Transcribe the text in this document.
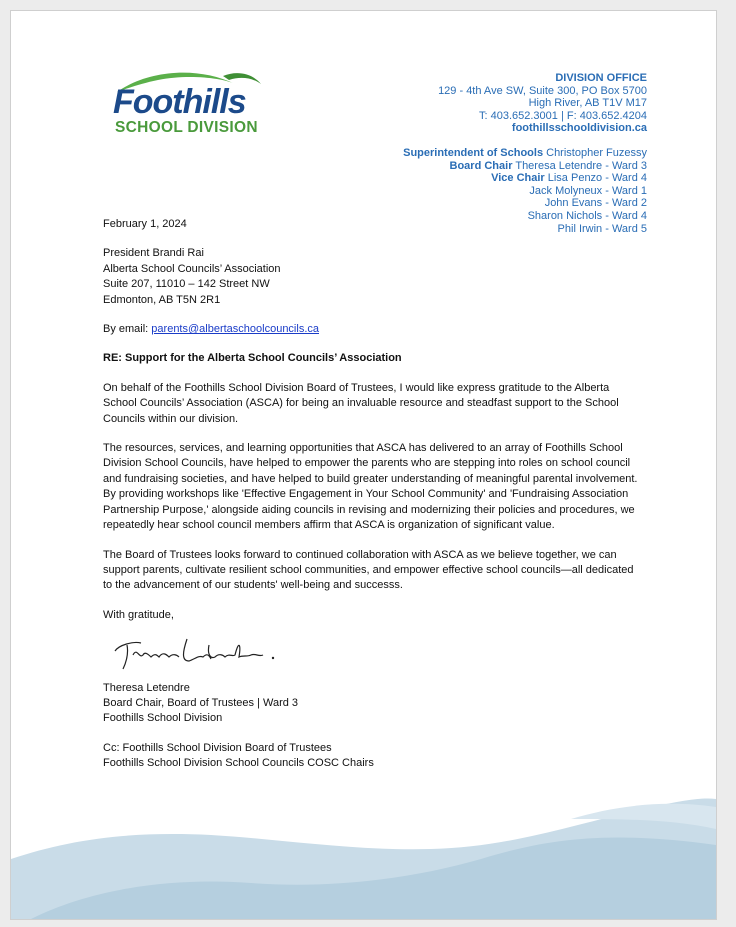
Foothills
SCHOOL DIVISION
DIVISION OFFICE
129 - 4th Ave SW, Suite 300, PO Box 5700
High River, AB T1V M17
T: 403.652.3001 | F: 403.652.4204
foothillsschooldivision.ca
Superintendent of Schools Christopher Fuzessy
Board Chair Theresa Letendre - Ward 3
Vice Chair Lisa Penzo - Ward 4
Jack Molyneux - Ward 1
John Evans - Ward 2
Sharon Nichols - Ward 4
Phil Irwin - Ward 5

February 1, 2024

President Brandi Rai

Alberta School Councils’ Association

Suite 207, 11010 – 142 Street NW

Edmonton, AB T5N 2R1

By email: parents@albertaschoolcouncils.ca

RE: Support for the Alberta School Councils’ Association

On behalf of the Foothills School Division Board of Trustees, I would like express gratitude to the Alberta School Councils’ Association (ASCA) for being an invaluable resource and steadfast support to the School Councils within our division.

The resources, services, and learning opportunities that ASCA has delivered to an array of Foothills School Division School Councils, have helped to empower the parents who are stepping into roles on school council and fundraising societies, and have helped to build greater understanding of meaningful parental involvement. By providing workshops like 'Effective Engagement in Your School Community' and 'Fundraising Association Partnership Purpose,' alongside aiding councils in revising and modernizing their policies and procedures, we repeatedly hear school council members affirm that ASCA is organization of significant value.

The Board of Trustees looks forward to continued collaboration with ASCA as we believe together, we can support parents, cultivate resilient school communities, and empower effective school councils—all dedicated to the advancement of our students' well-being and successs.

With gratitude,

Theresa Letendre

Board Chair, Board of Trustees | Ward 3

Foothills School Division

Cc: Foothills School Division Board of Trustees

Foothills School Division School Councils COSC Chairs
